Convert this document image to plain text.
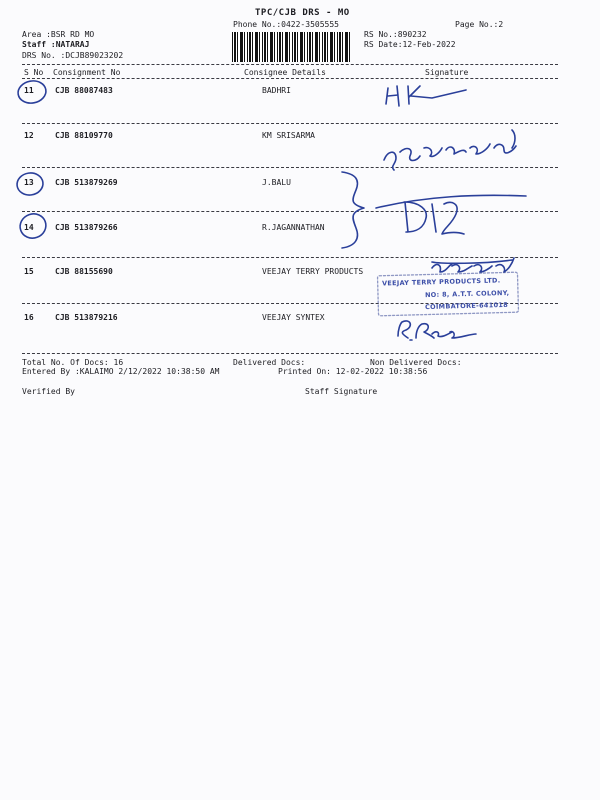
TPC/CJB DRS - MO
Phone No.:0422-3505555	Page No.:2
Area :BSR RD MO
Staff :NATARAJ
DRS No. :DCJB89023202
RS No.:890232
RS Date:12-Feb-2022
S No Consignment No	Consignee Details	Signature
11	CJB 88087483	BADHRI
12	CJB 88109770	KM SRISARMA
13	CJB 513879269	J.BALU
14	CJB 513879266	R.JAGANNATHAN
15	CJB 88155690	VEEJAY TERRY PRODUCTS
16	CJB 513879216	VEEJAY SYNTEX
VEEJAY TERRY PRODUCTS LTD.
NO: 8, A.T.T. COLONY,
COIMBATORE-641018
Total No. Of Docs: 16	Delivered Docs:	Non Delivered Docs:
Entered By :KALAIMO 2/12/2022 10:38:50 AM	Printed On: 12-02-2022 10:38:56
Verified By	Staff Signature
